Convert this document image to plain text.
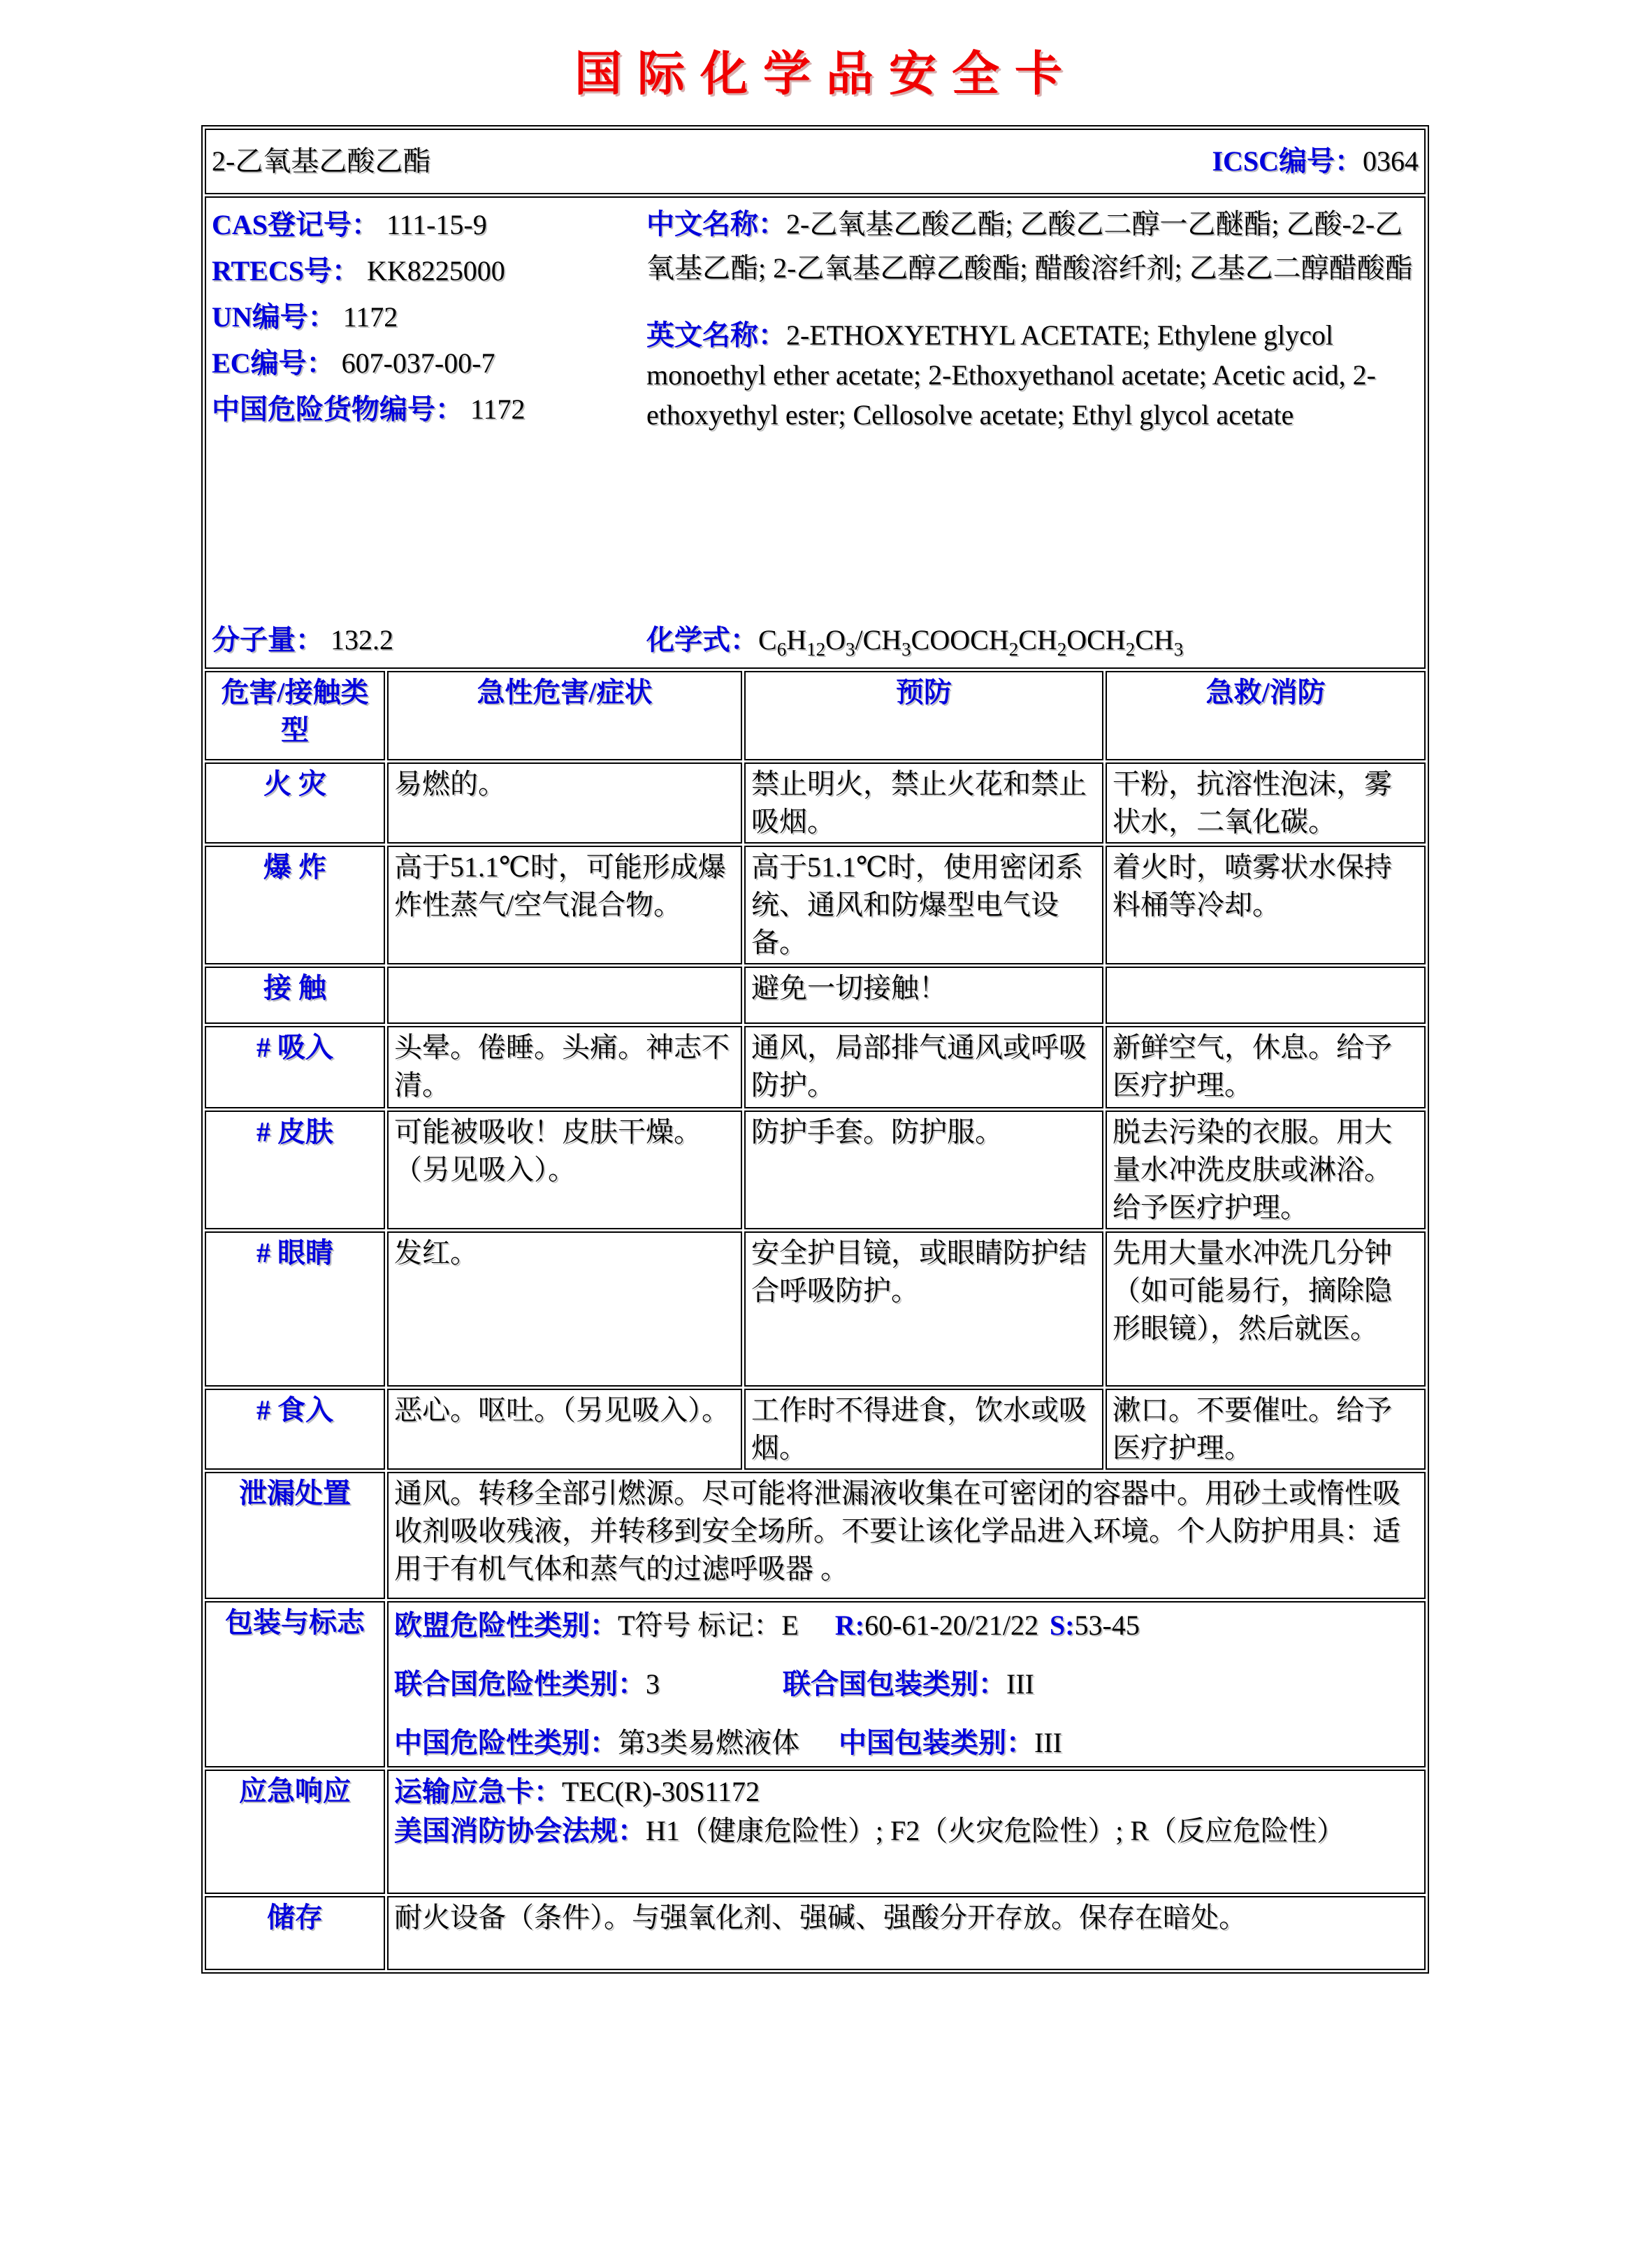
国际化学品安全卡
2-乙氧基乙酸乙酯 ICSC编号：0364			

CAS登记号： 111-15-9
RTECS号： KK8225000
UN编号： 1172
EC编号： 607-037-00-7
中国危险货物编号： 1172
中文名称：2-乙氧基乙酸乙酯; 乙酸乙二醇一乙醚酯; 乙酸-2-乙氧基乙酯; 2-乙氧基乙醇乙酸酯; 醋酸溶纤剂; 乙基乙二醇醋酸酯
英文名称：2-ETHOXYETHYL ACETATE; Ethylene glycol monoethyl ether acetate; 2-Ethoxyethanol acetate; Acetic acid, 2-ethoxyethyl ester; Cellosolve acetate; Ethyl glycol acetate
分子量： 132.2	化学式：$C_6H_{12}O_3/CH_3COOCH_2CH_2OCH_2CH_3$

危害/接触类型	急性危害/症状	预防	急救/消防
火 灾	易燃的。	禁止明火，禁止火花和禁止吸烟。	干粉，抗溶性泡沫，雾状水，二氧化碳。
爆 炸	高于51.1℃时，可能形成爆炸性蒸气/空气混合物。	高于51.1℃时，使用密闭系统、通风和防爆型电气设备。	着火时，喷雾状水保持料桶等冷却。
接 触		避免一切接触！	
# 吸入	头晕。倦睡。头痛。神志不清。	通风，局部排气通风或呼吸防护。	新鲜空气，休息。给予医疗护理。
# 皮肤	可能被吸收！皮肤干燥。（另见吸入）。	防护手套。防护服。	脱去污染的衣服。用大量水冲洗皮肤或淋浴。给予医疗护理。
# 眼睛	发红。	安全护目镜，或眼睛防护结合呼吸防护。	先用大量水冲洗几分钟（如可能易行，摘除隐形眼镜），然后就医。
# 食入	恶心。呕吐。（另见吸入）。	工作时不得进食，饮水或吸烟。	漱口。不要催吐。给予医疗护理。
泄漏处置	通风。转移全部引燃源。尽可能将泄漏液收集在可密闭的容器中。用砂土或惰性吸收剂吸收残液，并转移到安全场所。不要让该化学品进入环境。个人防护用具：适用于有机气体和蒸气的过滤呼吸器 。		
包装与标志	欧盟危险性类别：T符号 标记：E R:60-61-20/21/22 S:53-45
联合国危险性类别：3 联合国包装类别：III
中国危险性类别：第3类易燃液体 中国包装类别：III		

应急响应	运输应急卡：TEC(R)-30S1172
美国消防协会法规：H1（健康危险性）; F2（火灾危险性）; R（反应危险性）		

储存	耐火设备（条件）。与强氧化剂、强碱、强酸分开存放。保存在暗处。		
